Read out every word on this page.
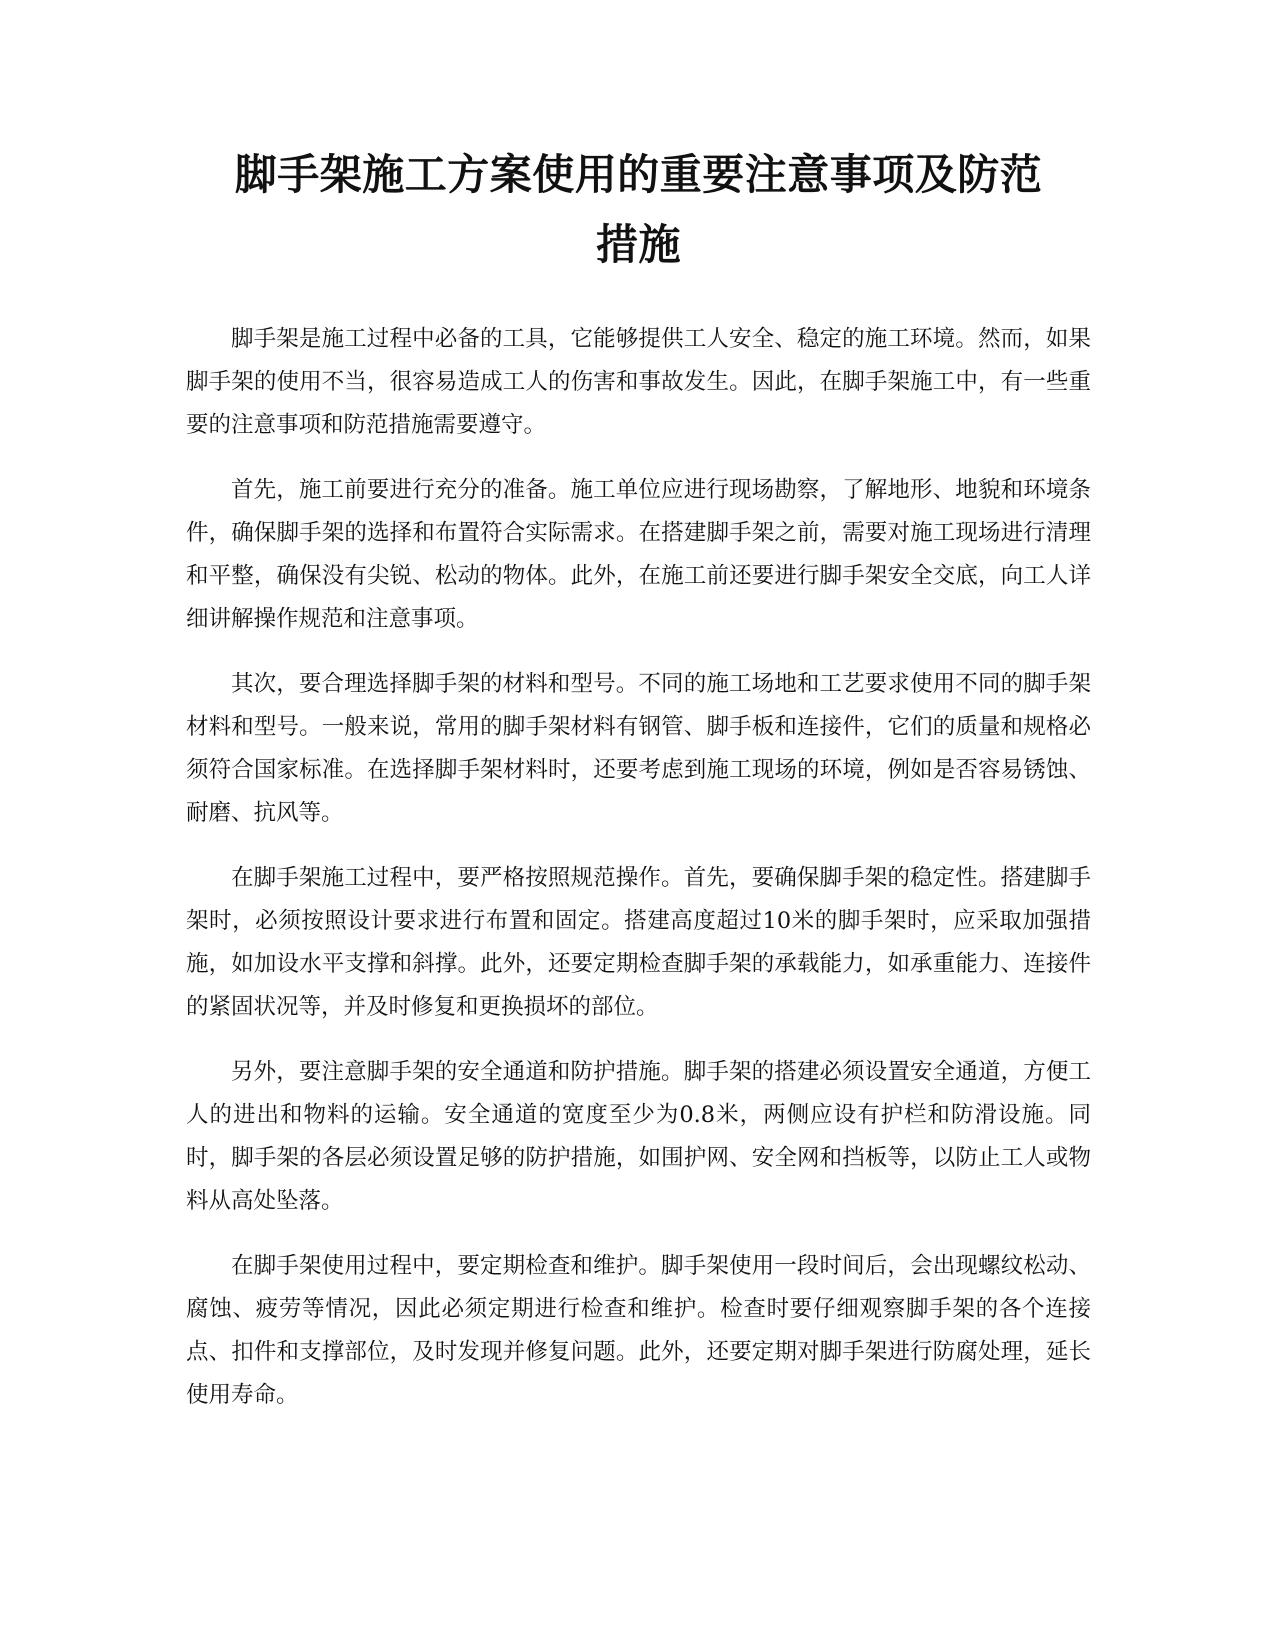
脚手架施工方案使用的重要注意事项及防范
措施

脚手架是施工过程中必备的工具，它能够提供工人安全、稳定的施工环境。然而，如果脚手架的使用不当，很容易造成工人的伤害和事故发生。因此，在脚手架施工中，有一些重要的注意事项和防范措施需要遵守。

首先，施工前要进行充分的准备。施工单位应进行现场勘察，了解地形、地貌和环境条件，确保脚手架的选择和布置符合实际需求。在搭建脚手架之前，需要对施工现场进行清理和平整，确保没有尖锐、松动的物体。此外，在施工前还要进行脚手架安全交底，向工人详细讲解操作规范和注意事项。

其次，要合理选择脚手架的材料和型号。不同的施工场地和工艺要求使用不同的脚手架材料和型号。一般来说，常用的脚手架材料有钢管、脚手板和连接件，它们的质量和规格必须符合国家标准。在选择脚手架材料时，还要考虑到施工现场的环境，例如是否容易锈蚀、耐磨、抗风等。

在脚手架施工过程中，要严格按照规范操作。首先，要确保脚手架的稳定性。搭建脚手架时，必须按照设计要求进行布置和固定。搭建高度超过10米的脚手架时，应采取加强措施，如加设水平支撑和斜撑。此外，还要定期检查脚手架的承载能力，如承重能力、连接件的紧固状况等，并及时修复和更换损坏的部位。

另外，要注意脚手架的安全通道和防护措施。脚手架的搭建必须设置安全通道，方便工人的进出和物料的运输。安全通道的宽度至少为0.8米，两侧应设有护栏和防滑设施。同时，脚手架的各层必须设置足够的防护措施，如围护网、安全网和挡板等，以防止工人或物料从高处坠落。

在脚手架使用过程中，要定期检查和维护。脚手架使用一段时间后，会出现螺纹松动、腐蚀、疲劳等情况，因此必须定期进行检查和维护。检查时要仔细观察脚手架的各个连接点、扣件和支撑部位，及时发现并修复问题。此外，还要定期对脚手架进行防腐处理，延长使用寿命。
